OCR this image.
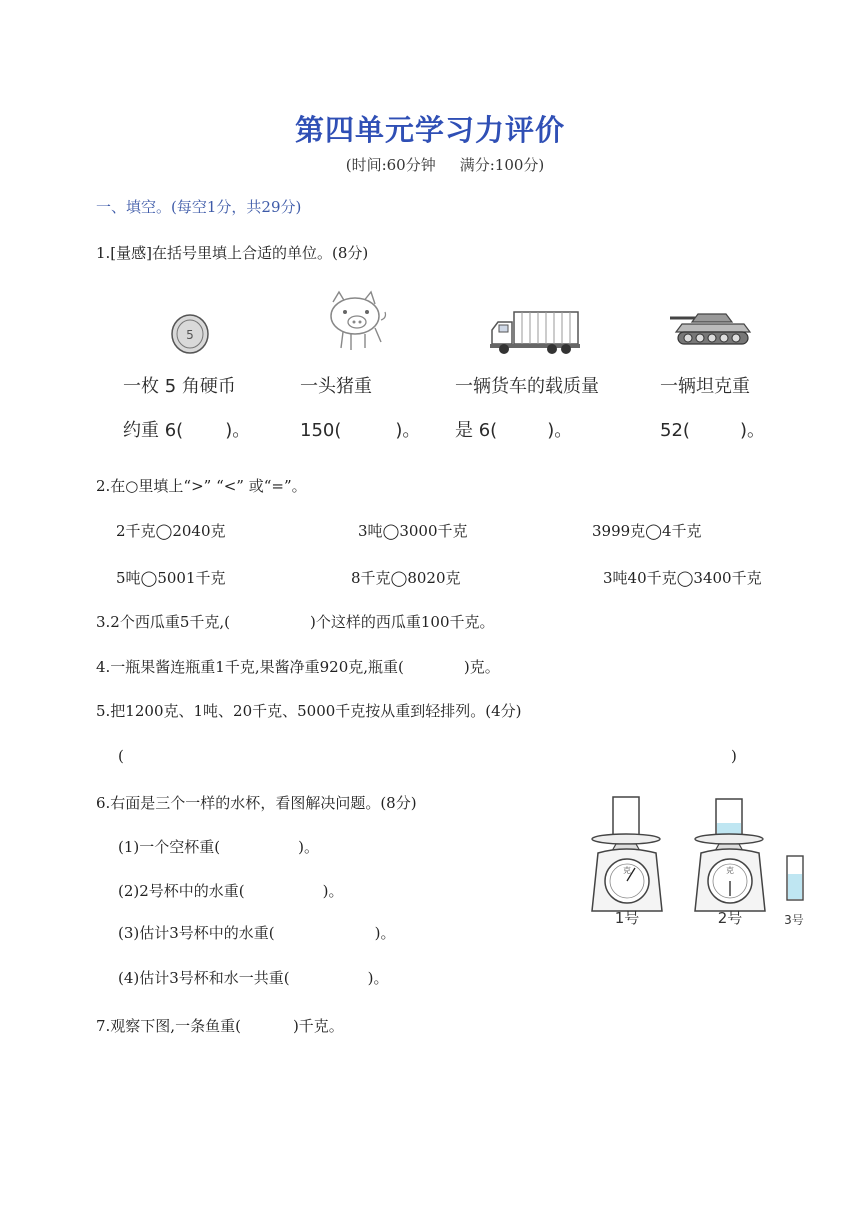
第四单元学习力评价
(时间:60分钟 满分:100分)
一、填空。(每空1分，共29分)
1.[量感]在括号里填上合适的单位。(8分)
5
一枚 5 角硬币
约重 6( )。
一头猪重
150(	)。
一辆货车的载质量
是 6(	)。
一辆坦克重
52(	)。
2.在○里填上“>” “<” 或“=”。
2千克◯2040克	3吨◯3000千克	3999克◯4千克
5吨◯5001千克	8千克◯8020克	3吨40千克◯3400千克
3.2个西瓜重5千克,(	)个这样的西瓜重100千克。
4.一瓶果酱连瓶重1千克,果酱净重920克,瓶重(	)克。
5.把1200克、1吨、20千克、5000千克按从重到轻排列。(4分)
(	)
6.右面是三个一样的水杯，看图解决问题。(8分)
(1)一个空杯重(	)。
(2)2号杯中的水重(	)。
(3)估计3号杯中的水重(	)。
(4)估计3号杯和水一共重(	)。
克
1号
克
2号	3号
7.观察下图,一条鱼重(	)千克。
